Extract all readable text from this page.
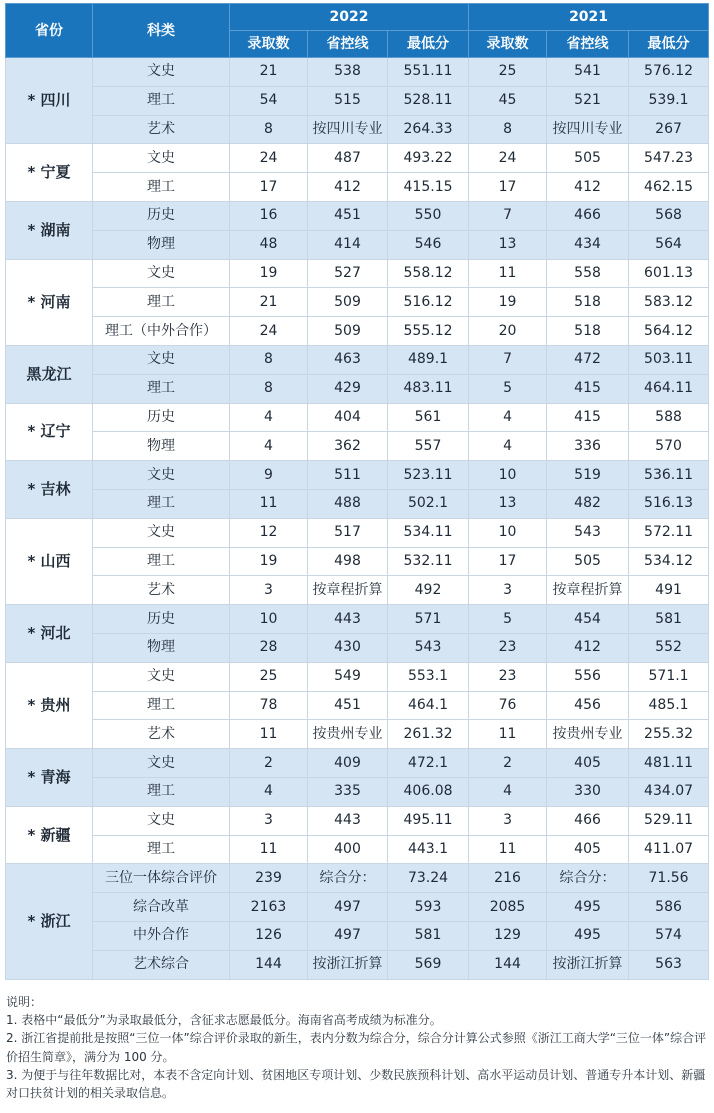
省份	科类	2022			2021		
		录取数	省控线	最低分	录取数	省控线	最低分
* 四川	文史	21	538	551.11	25	541	576.12
	理工	54	515	528.11	45	521	539.1
	艺术	8	按四川专业	264.33	8	按四川专业	267
* 宁夏	文史	24	487	493.22	24	505	547.23
	理工	17	412	415.15	17	412	462.15
* 湖南	历史	16	451	550	7	466	568
	物理	48	414	546	13	434	564
* 河南	文史	19	527	558.12	11	558	601.13
	理工	21	509	516.12	19	518	583.12
	理工（中外合作）	24	509	555.12	20	518	564.12
黑龙江	文史	8	463	489.1	7	472	503.11
	理工	8	429	483.11	5	415	464.11
* 辽宁	历史	4	404	561	4	415	588
	物理	4	362	557	4	336	570
* 吉林	文史	9	511	523.11	10	519	536.11
	理工	11	488	502.1	13	482	516.13
* 山西	文史	12	517	534.11	10	543	572.11
	理工	19	498	532.11	17	505	534.12
	艺术	3	按章程折算	492	3	按章程折算	491
* 河北	历史	10	443	571	5	454	581
	物理	28	430	543	23	412	552
* 贵州	文史	25	549	553.1	23	556	571.1
	理工	78	451	464.1	76	456	485.1
	艺术	11	按贵州专业	261.32	11	按贵州专业	255.32
* 青海	文史	2	409	472.1	2	405	481.11
	理工	4	335	406.08	4	330	434.07
* 新疆	文史	3	443	495.11	3	466	529.11
	理工	11	400	443.1	11	405	411.07
* 浙江	三位一体综合评价	239	综合分：	73.24	216	综合分：	71.56
	综合改革	2163	497	593	2085	495	586
	中外合作	126	497	581	129	495	574
	艺术综合	144	按浙江折算	569	144	按浙江折算	563

说明：

1. 表格中“最低分”为录取最低分，含征求志愿最低分。海南省高考成绩为标准分。

2. 浙江省提前批是按照“三位一体”综合评价录取的新生，表内分数为综合分，综合分计算公式参照《浙江工商大学“三位一体”综合评价招生简章》，满分为 100 分。

3. 为便于与往年数据比对，本表不含定向计划、贫困地区专项计划、少数民族预科计划、高水平运动员计划、普通专升本计划、新疆对口扶贫计划的相关录取信息。
